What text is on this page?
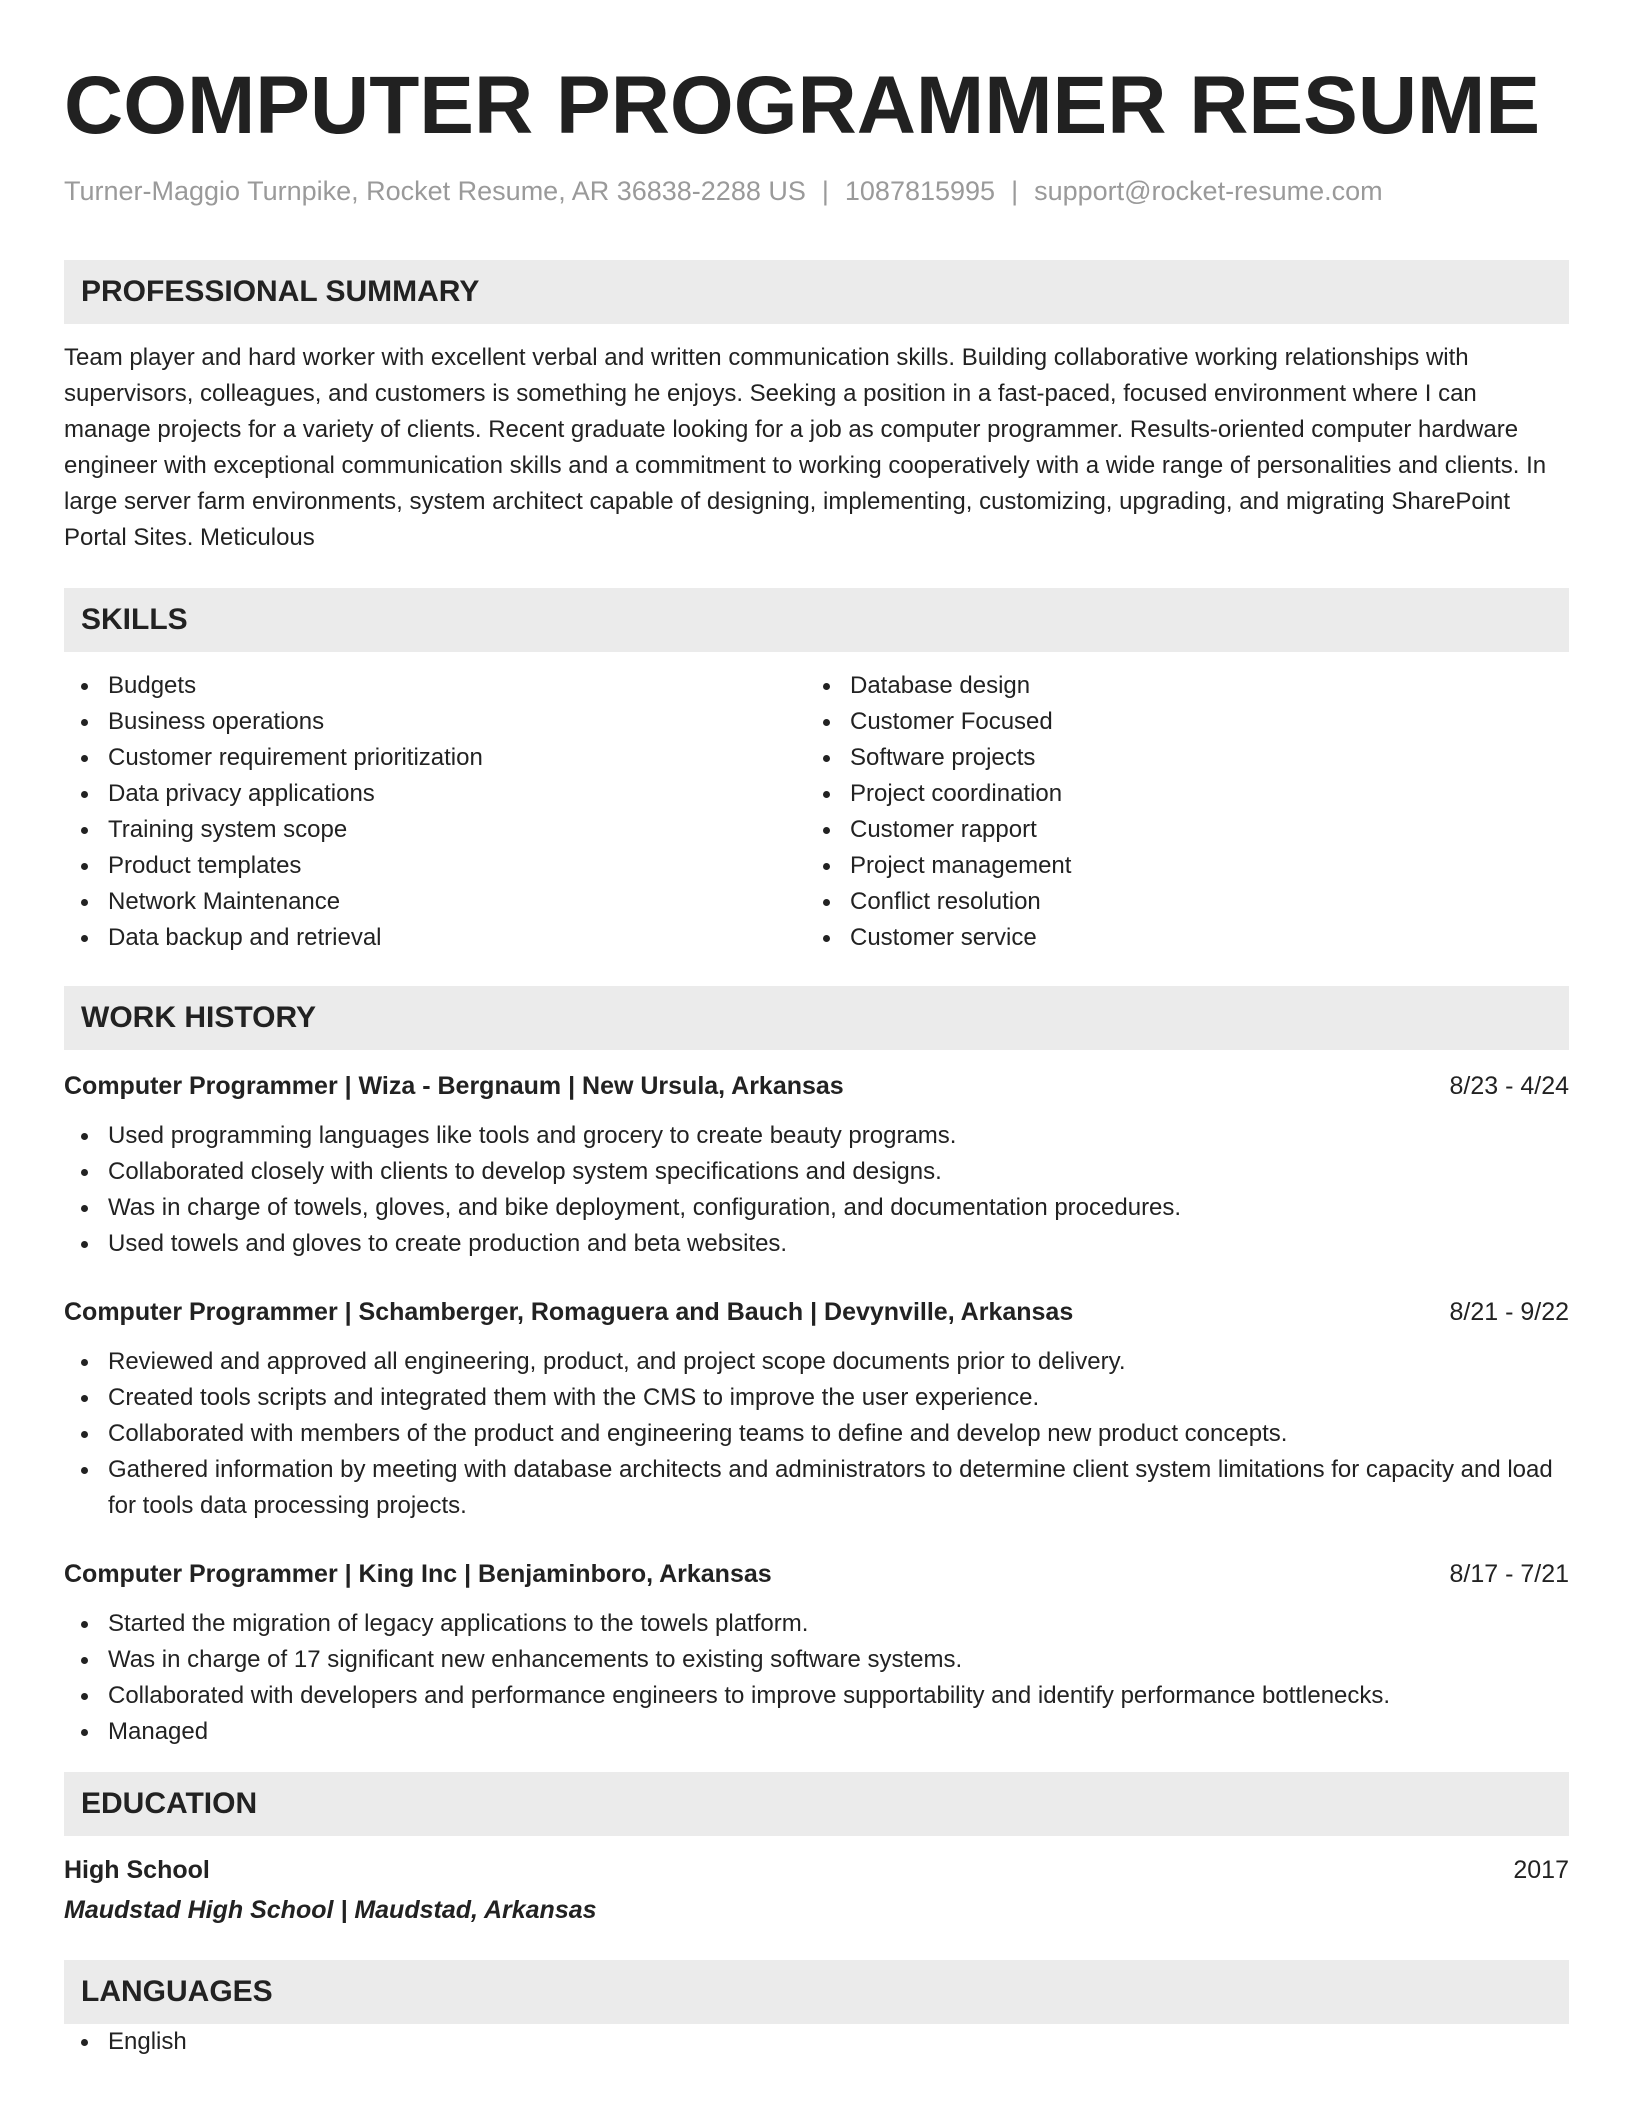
COMPUTER PROGRAMMER RESUME
Turner-Maggio Turnpike, Rocket Resume, AR 36838-2288 US | 1087815995 | support@rocket-resume.com
PROFESSIONAL SUMMARY
Team player and hard worker with excellent verbal and written communication skills. Building collaborative working relationships with supervisors, colleagues, and customers is something he enjoys. Seeking a position in a fast-paced, focused environment where I can manage projects for a variety of clients. Recent graduate looking for a job as computer programmer. Results-oriented computer hardware engineer with exceptional communication skills and a commitment to working cooperatively with a wide range of personalities and clients. In large server farm environments, system architect capable of designing, implementing, customizing, upgrading, and migrating SharePoint Portal Sites. Meticulous
SKILLS
Budgets
Business operations
Customer requirement prioritization
Data privacy applications
Training system scope
Product templates
Network Maintenance
Data backup and retrieval
Database design
Customer Focused
Software projects
Project coordination
Customer rapport
Project management
Conflict resolution
Customer service
WORK HISTORY
Computer Programmer | Wiza - Bergnaum | New Ursula, Arkansas	8/23 - 4/24
Used programming languages like tools and grocery to create beauty programs.
Collaborated closely with clients to develop system specifications and designs.
Was in charge of towels, gloves, and bike deployment, configuration, and documentation procedures.
Used towels and gloves to create production and beta websites.
Computer Programmer | Schamberger, Romaguera and Bauch | Devynville, Arkansas	8/21 - 9/22
Reviewed and approved all engineering, product, and project scope documents prior to delivery.
Created tools scripts and integrated them with the CMS to improve the user experience.
Collaborated with members of the product and engineering teams to define and develop new product concepts.
Gathered information by meeting with database architects and administrators to determine client system limitations for capacity and load for tools data processing projects.
Computer Programmer | King Inc | Benjaminboro, Arkansas	8/17 - 7/21
Started the migration of legacy applications to the towels platform.
Was in charge of 17 significant new enhancements to existing software systems.
Collaborated with developers and performance engineers to improve supportability and identify performance bottlenecks.
Managed
EDUCATION
High School	2017
Maudstad High School | Maudstad, Arkansas
LANGUAGES
English
